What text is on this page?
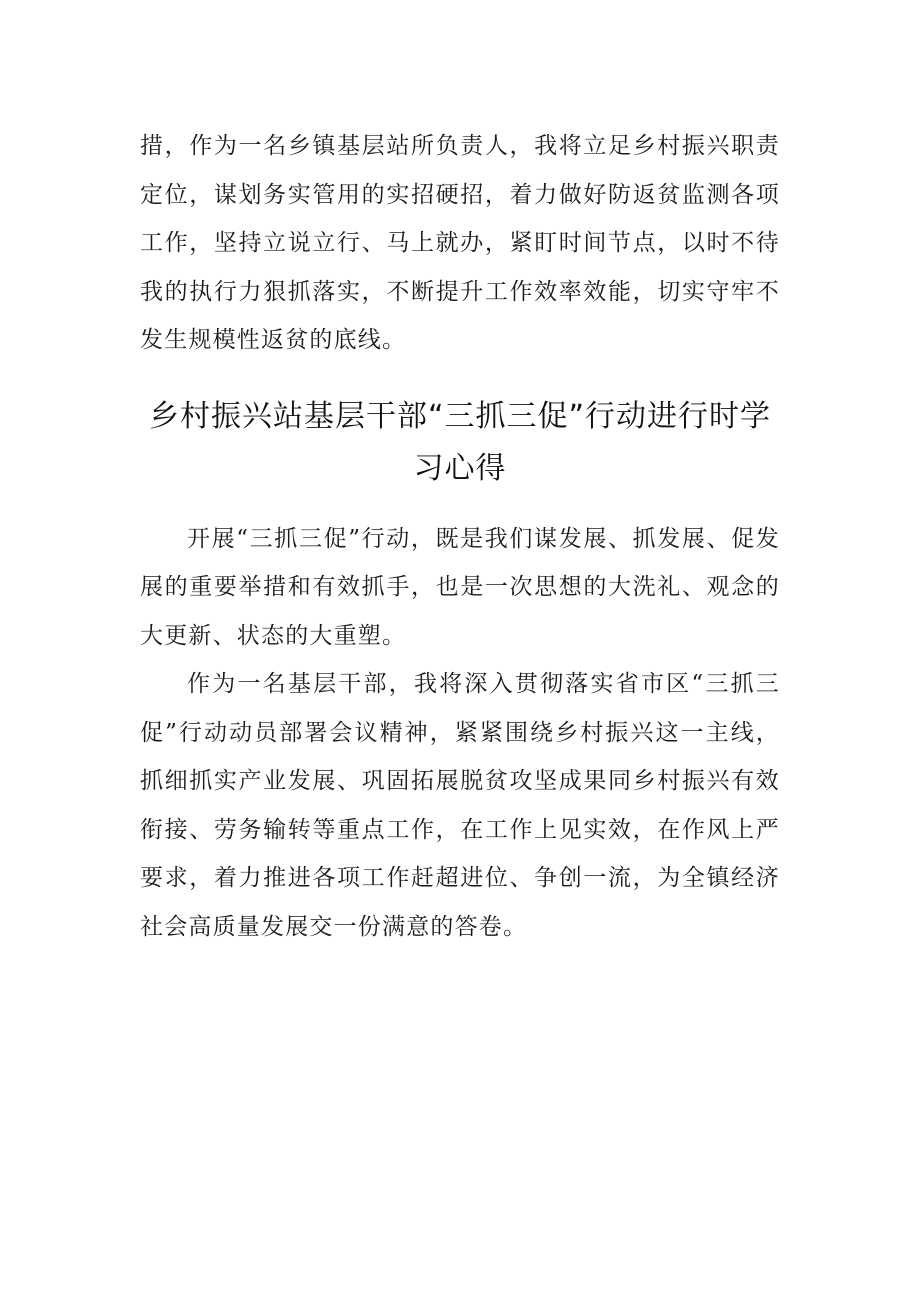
措，作为一名乡镇基层站所负责人，我将立足乡村振兴职责定位，谋划务实管用的实招硬招，着力做好防返贫监测各项工作，坚持立说立行、马上就办，紧盯时间节点，以时不待我的执行力狠抓落实，不断提升工作效率效能，切实守牢不发生规模性返贫的底线。

乡村振兴站基层干部“三抓三促”行动进行时学习心得

开展“三抓三促”行动，既是我们谋发展、抓发展、促发展的重要举措和有效抓手，也是一次思想的大洗礼、观念的大更新、状态的大重塑。

作为一名基层干部，我将深入贯彻落实省市区“三抓三促”行动动员部署会议精神，紧紧围绕乡村振兴这一主线，抓细抓实产业发展、巩固拓展脱贫攻坚成果同乡村振兴有效衔接、劳务输转等重点工作，在工作上见实效，在作风上严要求，着力推进各项工作赶超进位、争创一流，为全镇经济社会高质量发展交一份满意的答卷。
